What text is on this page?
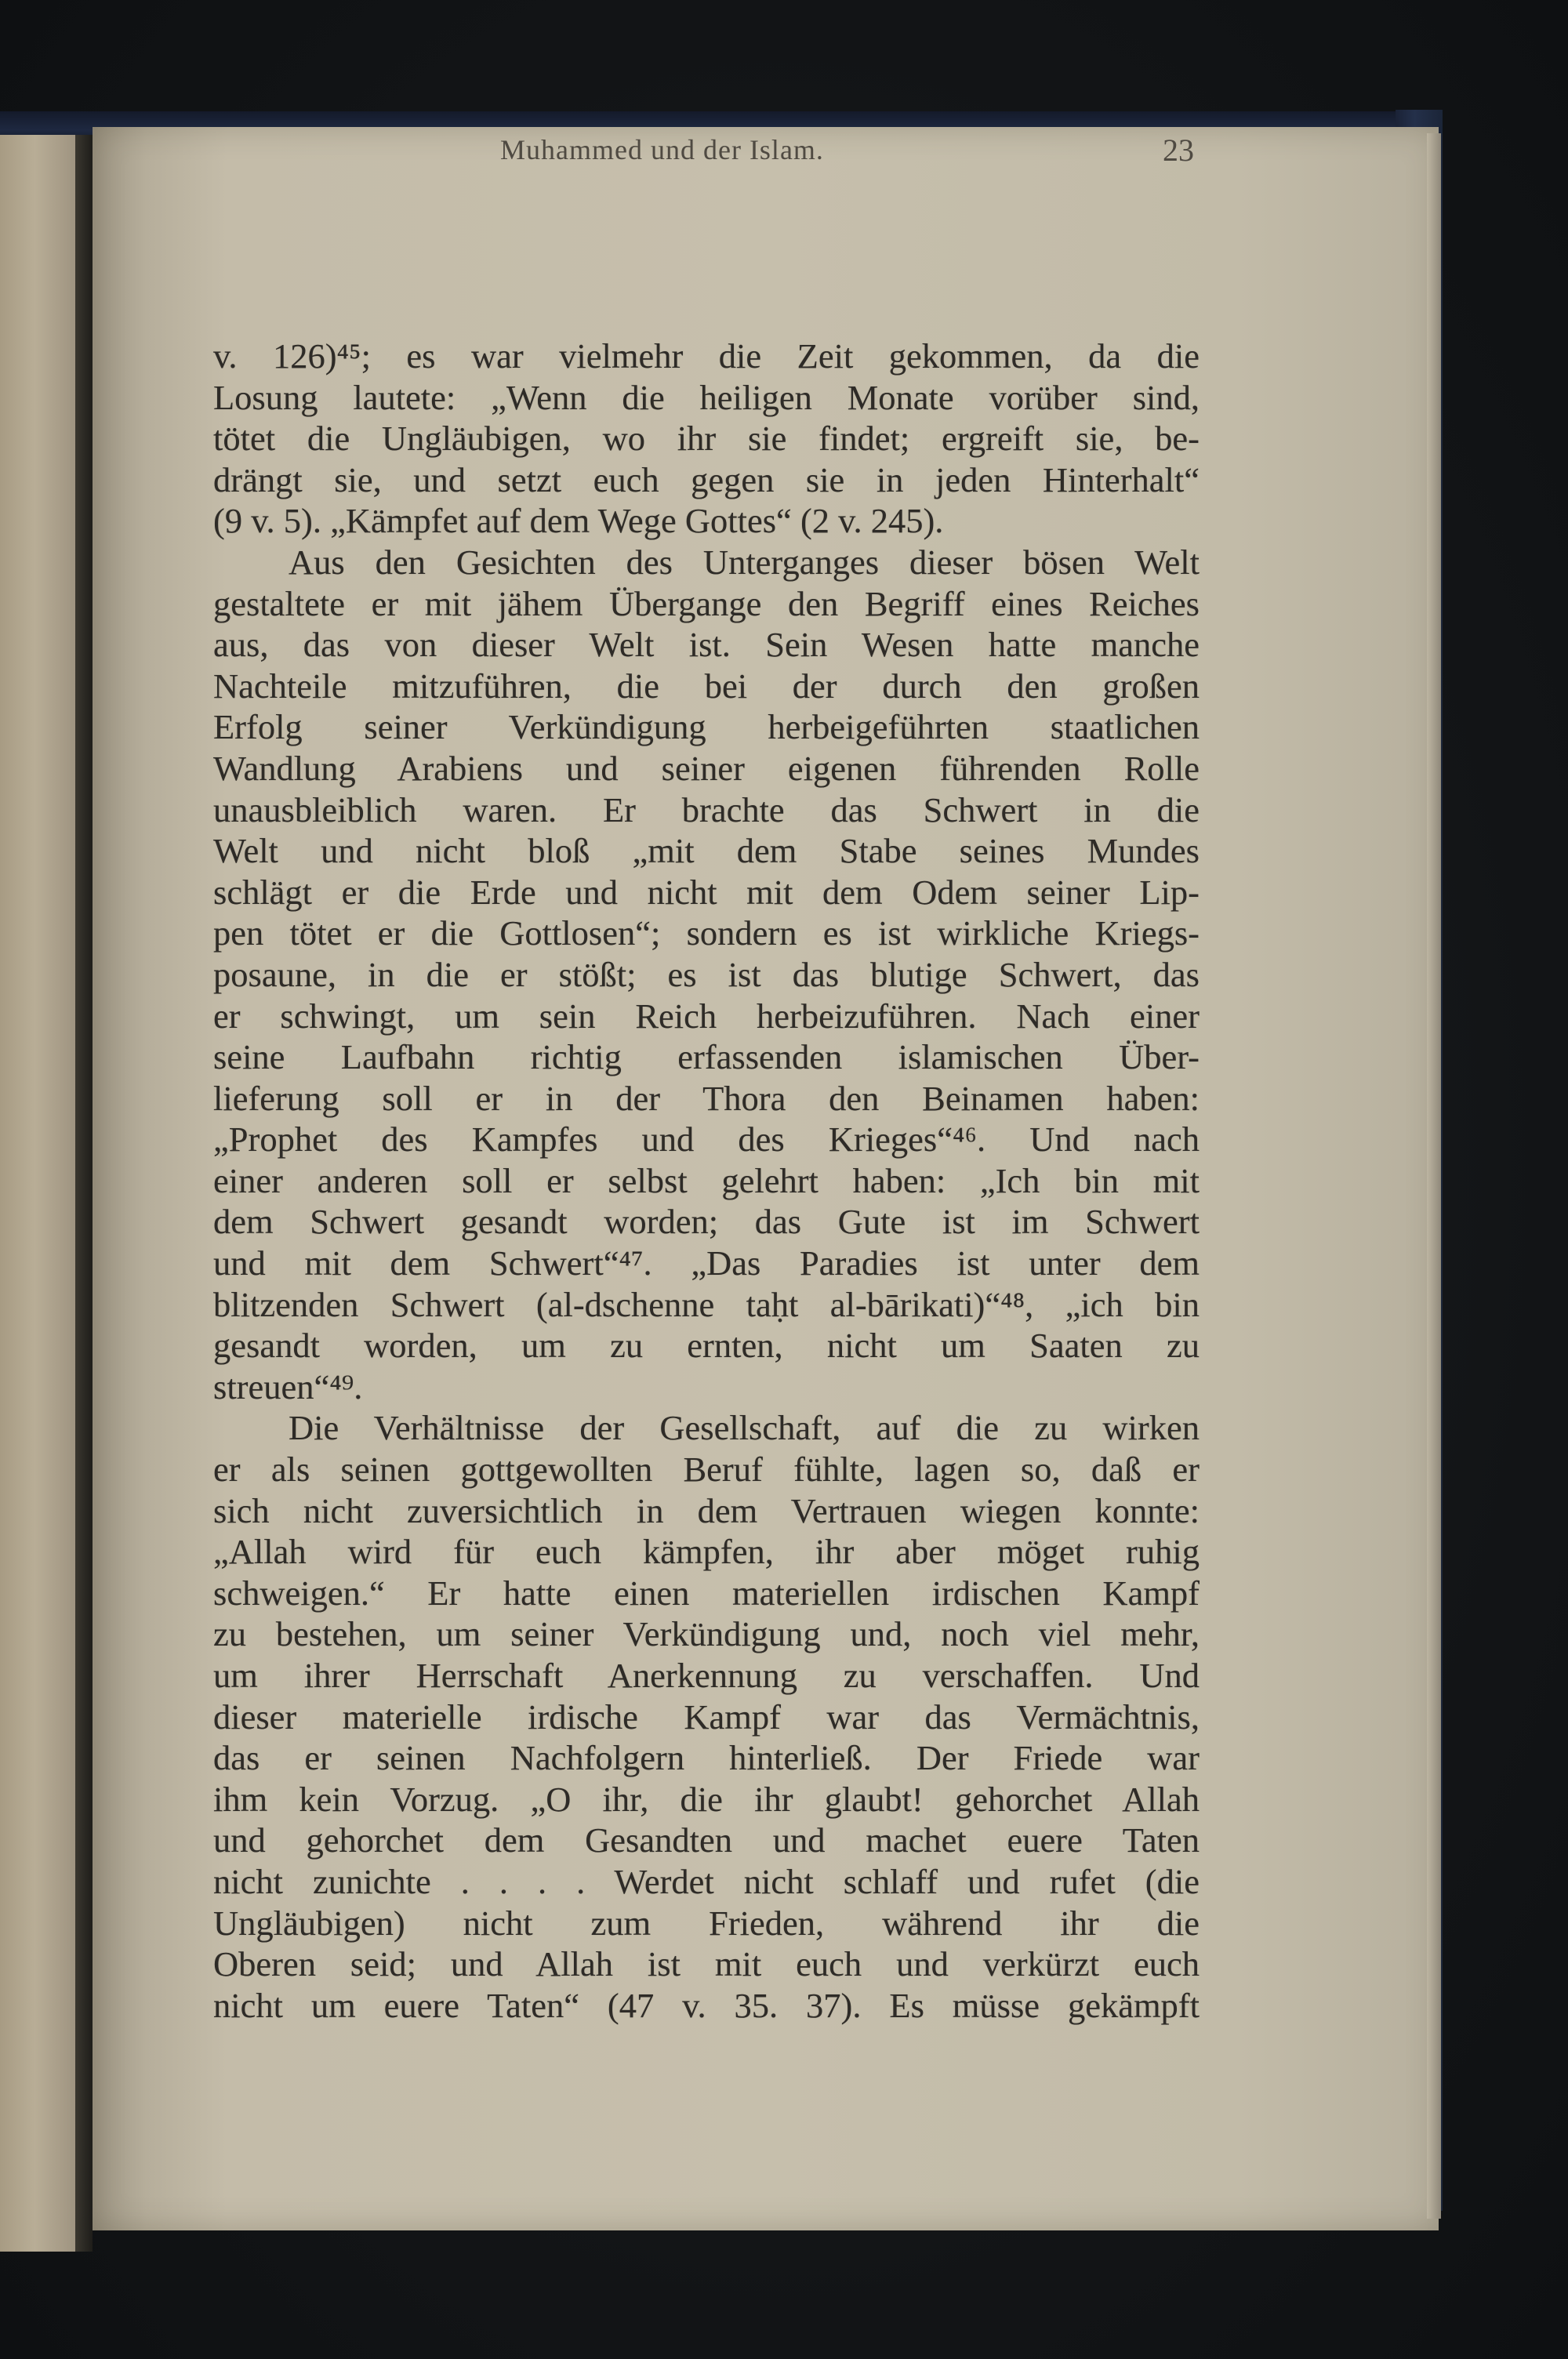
Muhammed und der Islam.	23
v. 126)⁴⁵; es war vielmehr die Zeit gekommen, da die
Losung lautete: „Wenn die heiligen Monate vorüber sind,
tötet die Ungläubigen, wo ihr sie findet; ergreift sie, be-
drängt sie, und setzt euch gegen sie in jeden Hinterhalt“
(9 v. 5). „Kämpfet auf dem Wege Gottes“ (2 v. 245).
Aus den Gesichten des Unterganges dieser bösen Welt
gestaltete er mit jähem Übergange den Begriff eines Reiches
aus, das von dieser Welt ist. Sein Wesen hatte manche
Nachteile mitzuführen, die bei der durch den großen
Erfolg seiner Verkündigung herbeigeführten staatlichen
Wandlung Arabiens und seiner eigenen führenden Rolle
unausbleiblich waren. Er brachte das Schwert in die
Welt und nicht bloß „mit dem Stabe seines Mundes
schlägt er die Erde und nicht mit dem Odem seiner Lip-
pen tötet er die Gottlosen“; sondern es ist wirkliche Kriegs-
posaune, in die er stößt; es ist das blutige Schwert, das
er schwingt, um sein Reich herbeizuführen. Nach einer
seine Laufbahn richtig erfassenden islamischen Über-
lieferung soll er in der Thora den Beinamen haben:
„Prophet des Kampfes und des Krieges“⁴⁶. Und nach
einer anderen soll er selbst gelehrt haben: „Ich bin mit
dem Schwert gesandt worden; das Gute ist im Schwert
und mit dem Schwert“⁴⁷. „Das Paradies ist unter dem
blitzenden Schwert (al-dschenne taḥt al-bārikati)“⁴⁸, „ich bin
gesandt worden, um zu ernten, nicht um Saaten zu
streuen“⁴⁹.
Die Verhältnisse der Gesellschaft, auf die zu wirken
er als seinen gottgewollten Beruf fühlte, lagen so, daß er
sich nicht zuversichtlich in dem Vertrauen wiegen konnte:
„Allah wird für euch kämpfen, ihr aber möget ruhig
schweigen.“ Er hatte einen materiellen irdischen Kampf
zu bestehen, um seiner Verkündigung und, noch viel mehr,
um ihrer Herrschaft Anerkennung zu verschaffen. Und
dieser materielle irdische Kampf war das Vermächtnis,
das er seinen Nachfolgern hinterließ. Der Friede war
ihm kein Vorzug. „O ihr, die ihr glaubt! gehorchet Allah
und gehorchet dem Gesandten und machet euere Taten
nicht zunichte . . . . Werdet nicht schlaff und rufet (die
Ungläubigen) nicht zum Frieden, während ihr die
Oberen seid; und Allah ist mit euch und verkürzt euch
nicht um euere Taten“ (47 v. 35. 37). Es müsse gekämpft
